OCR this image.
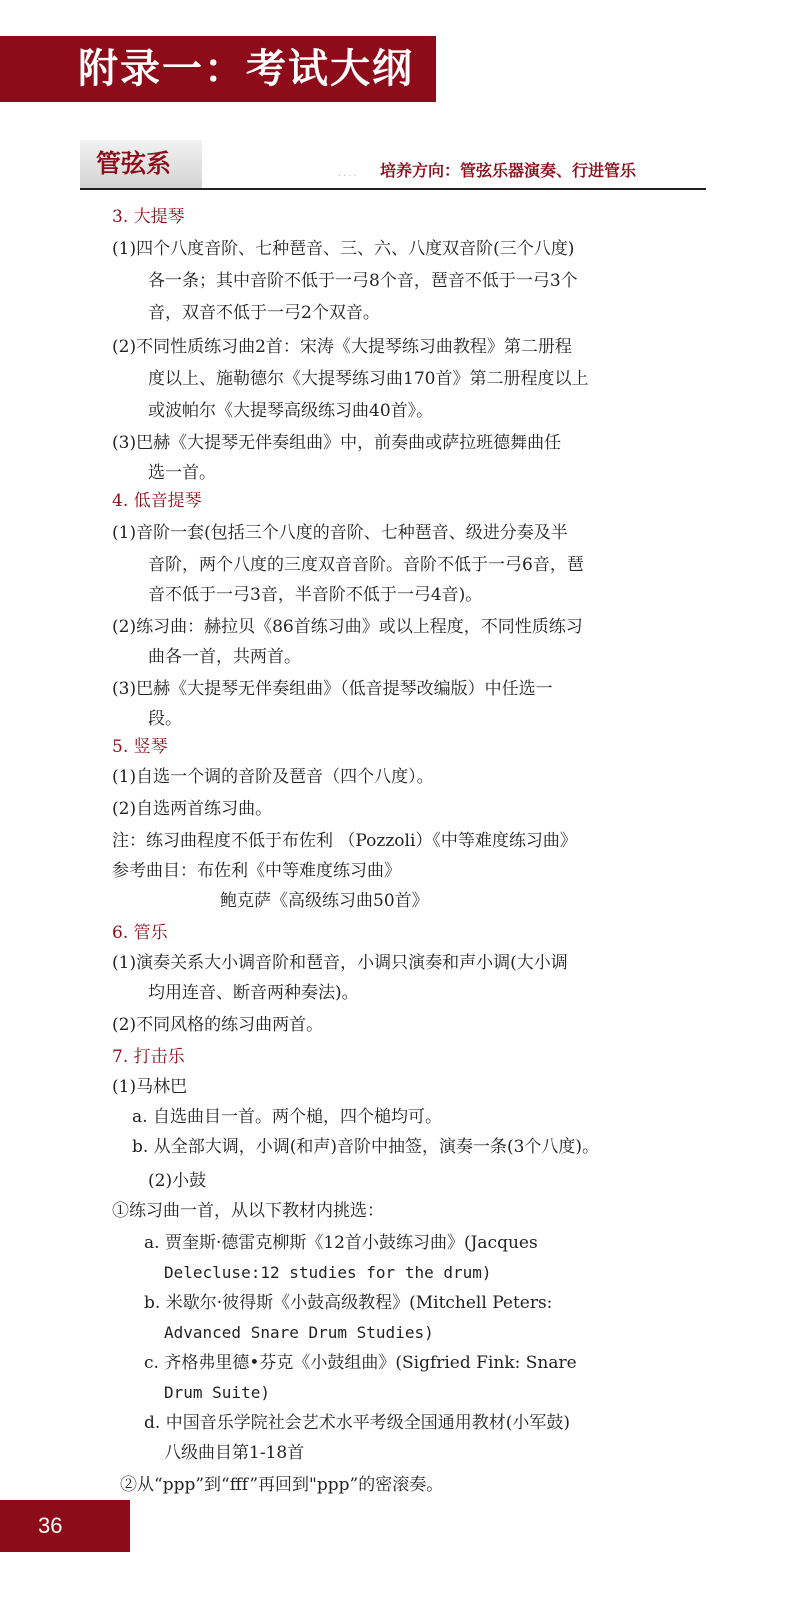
附录一：考试大纲
管弦系	.... 培养方向：管弦乐器演奏、行进管乐
3. 大提琴
(1)四个八度音阶、七种琶音、三、六、八度双音阶(三个八度)
各一条；其中音阶不低于一弓8个音，琶音不低于一弓3个
音，双音不低于一弓2个双音。
(2)不同性质练习曲2首：宋涛《大提琴练习曲教程》第二册程
度以上、施勒德尔《大提琴练习曲170首》第二册程度以上
或波帕尔《大提琴高级练习曲40首》。
(3)巴赫《大提琴无伴奏组曲》中，前奏曲或萨拉班德舞曲任
选一首。
4. 低音提琴
(1)音阶一套(包括三个八度的音阶、七种琶音、级进分奏及半
音阶，两个八度的三度双音音阶。音阶不低于一弓6音，琶
音不低于一弓3音，半音阶不低于一弓4音)。
(2)练习曲：赫拉贝《86首练习曲》或以上程度，不同性质练习
曲各一首，共两首。
(3)巴赫《大提琴无伴奏组曲》（低音提琴改编版）中任选一
段。
5. 竖琴
(1)自选一个调的音阶及琶音（四个八度）。
(2)自选两首练习曲。
注：练习曲程度不低于布佐利 （Pozzoli）《中等难度练习曲》
参考曲目：布佐利《中等难度练习曲》
鲍克萨《高级练习曲50首》
6. 管乐
(1)演奏关系大小调音阶和琶音，小调只演奏和声小调(大小调
均用连音、断音两种奏法)。
(2)不同风格的练习曲两首。
7. 打击乐
(1)马林巴
a. 自选曲目一首。两个槌，四个槌均可。
b. 从全部大调，小调(和声)音阶中抽签，演奏一条(3个八度)。
(2)小鼓
①练习曲一首，从以下教材内挑选：
a. 贾奎斯·德雷克柳斯《12首小鼓练习曲》(Jacques
Delecluse:12 studies for the drum)
b. 米歇尔·彼得斯《小鼓高级教程》(Mitchell Peters:
Advanced Snare Drum Studies)
c. 齐格弗里德•芬克《小鼓组曲》(Sigfried Fink: Snare
Drum Suite)
d. 中国音乐学院社会艺术水平考级全国通用教材(小军鼓)
八级曲目第1-18首
②从“ppp”到“fff”再回到"ppp”的密滚奏。
36
